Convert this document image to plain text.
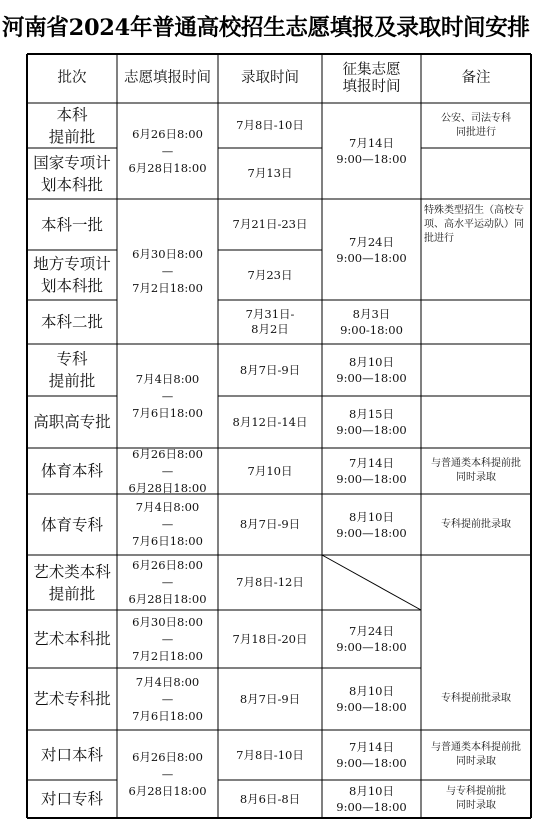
河南省2024年普通高校招生志愿填报及录取时间安排
批次	志愿填报时间 录取时间
征集志愿
填报时间
备注
本科
提前批
国家专项计
划本科批
本科一批
地方专项计
划本科批
本科二批
专科
提前批
高职高专批
体育本科
体育专科
艺术类本科
提前批
艺术本科批
艺术专科批
对口本科
对口专科
6月26日8:00
—
6月28日18:00
6月30日8:00
—
7月2日18:00
7月4日8:00
—
7月6日18:00
6月26日8:00
—
6月28日18:00
7月4日8:00
—
7月6日18:00
6月26日8:00
—
6月28日18:00
6月30日8:00
—
7月2日18:00
7月4日8:00
—
7月6日18:00
6月26日8:00
—
6月28日18:00
7月8日-10日
7月13日
7月21日-23日
7月23日
7月31日-
8月2日
8月7日-9日
8月12日-14日
7月10日
8月7日-9日
7月8日-12日
7月18日-20日
8月7日-9日
7月8日-10日
8月6日-8日
7月14日
9:00—18:00
7月24日
9:00—18:00
8月3日
9:00-18:00
8月10日
9:00—18:00
8月15日
9:00—18:00
7月14日
9:00—18:00
8月10日
9:00—18:00
7月24日
9:00—18:00
8月10日
9:00—18:00
7月14日
9:00—18:00
8月10日
9:00—18:00
公安、司法专科
同批进行
特殊类型招生（高校专
项、高水平运动队）同
批进行
与普通类本科提前批
同时录取
专科提前批录取
专科提前批录取
与普通类本科提前批
同时录取
与专科提前批
同时录取
